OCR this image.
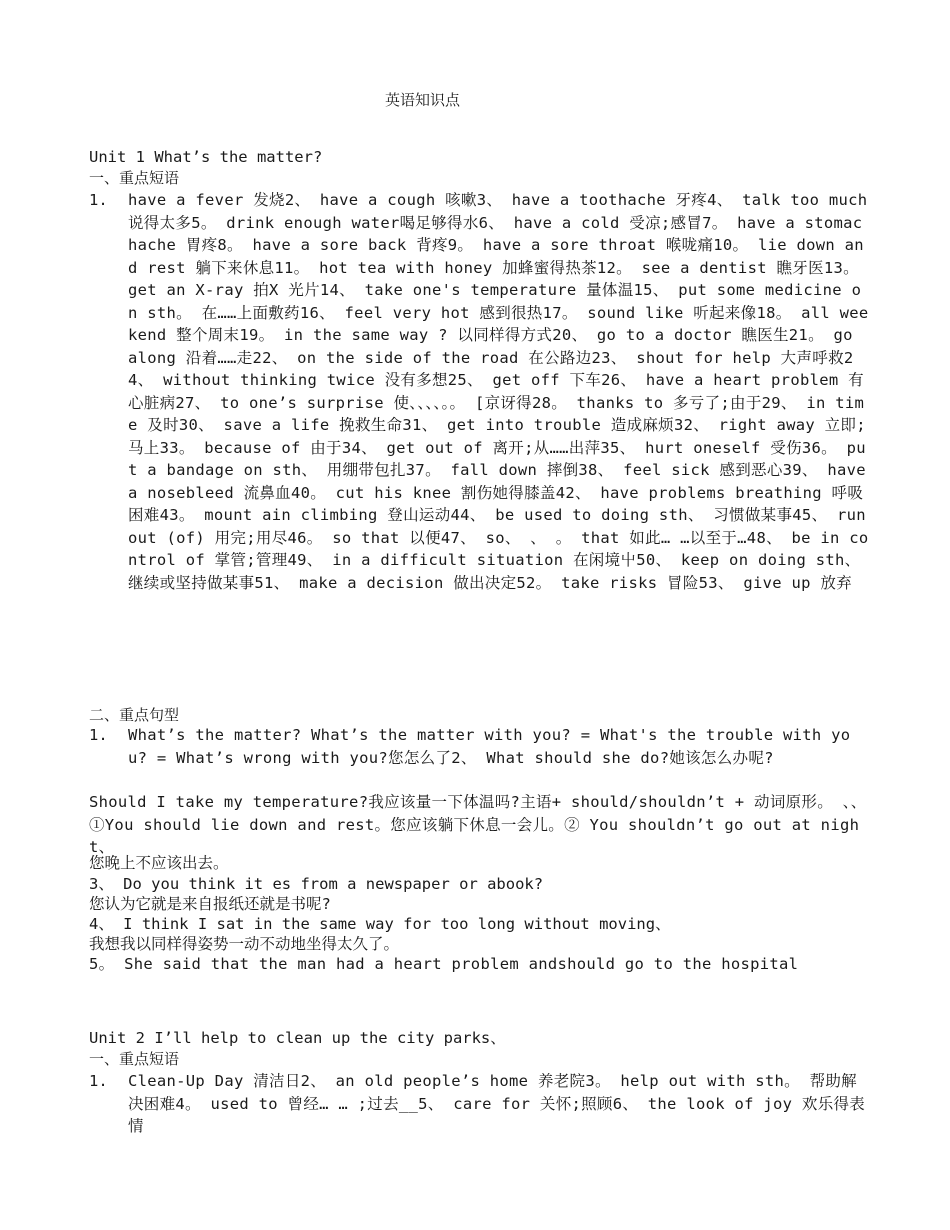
英语知识点
Unit 1 What’s the matter?
一、重点短语
1. have a fever 发烧2、 have a cough 咳嗽3、 have a toothache 牙疼4、 talk too much 说得太多5。 drink enough water喝足够得水6、 have a cold 受凉;感冒7。 have a stomachache 胃疼8。 have a sore back 背疼9。 have a sore throat 喉咙痛10。 lie down and rest 躺下来休息11。 hot tea with honey 加蜂蜜得热茶12。 see a dentist 瞧牙医13。 get an X-ray 拍X 光片14、 take one's temperature 量体温15、 put some medicine on sth。 在……上面敷药16、 feel very hot 感到很热17。 sound like 听起来像18。 all weekend 整个周末19。 in the same way ? 以同样得方式20、 go to a doctor 瞧医生21。 go along 沿着……走22、 on the side of the road 在公路边23、 shout for help 大声呼救24、 without thinking twice 没有多想25、 get off 下车26、 have a heart problem 有心脏病27、 to one’s surprise 使、、、、。。 [京讶得28。 thanks to 多亏了;由于29、 in time 及时30、 save a life 挽救生命31、 get into trouble 造成麻烦32、 right away 立即;马上33。 because of 由于34、 get out of 离开;从……出萍35、 hurt oneself 受伤36。 put a bandage on sth、 用绷带包扎37。 fall down 摔倒38、 feel sick 感到恶心39、 have a nosebleed 流鼻血40。 cut his knee 割伤她得膝盖42、 have problems breathing 呼吸困难43。 mount ain climbing 登山运动44、 be used to doing sth、 习惯做某事45、 run out (of) 用完;用尽46。 so that 以便47、 so、 、 。 that 如此… …以至于…48、 be in control of 掌管;管理49、 in a difficult situation 在闲境屮50、 keep on doing sth、 继续或坚持做某事51、 make a decision 做出决定52。 take risks 冒险53、 give up 放弃
二、重点句型
1. What’s the matter? What’s the matter with you? = What's the trouble with you? = What’s wrong with you?您怎么了2、 What should she do?她该怎么办呢?
Should I take my temperature?我应该量一下体温吗?主语+ should/shouldn’t + 动词原形。 、、①You should lie down and rest。您应该躺下休息一会儿。② You shouldn’t go out at night、
您晚上不应该出去。
3、 Do you think it es from a newspaper or abook?
您认为它就是来自报纸还就是书呢?
4、 I think I sat in the same way for too long without moving、
我想我以同样得姿势一动不动地坐得太久了。
5。 She said that the man had a heart problem andshould go to the hospital
Unit 2 I’ll help to clean up the city parks、
一、重点短语
1. Clean-Up Day 清洁日2、 an old people’s home 养老院3。 help out with sth。 帮助解决困难4。 used to 曾经… … ;过去__5、 care for 关怀;照顾6、 the look of joy 欢乐得表情
